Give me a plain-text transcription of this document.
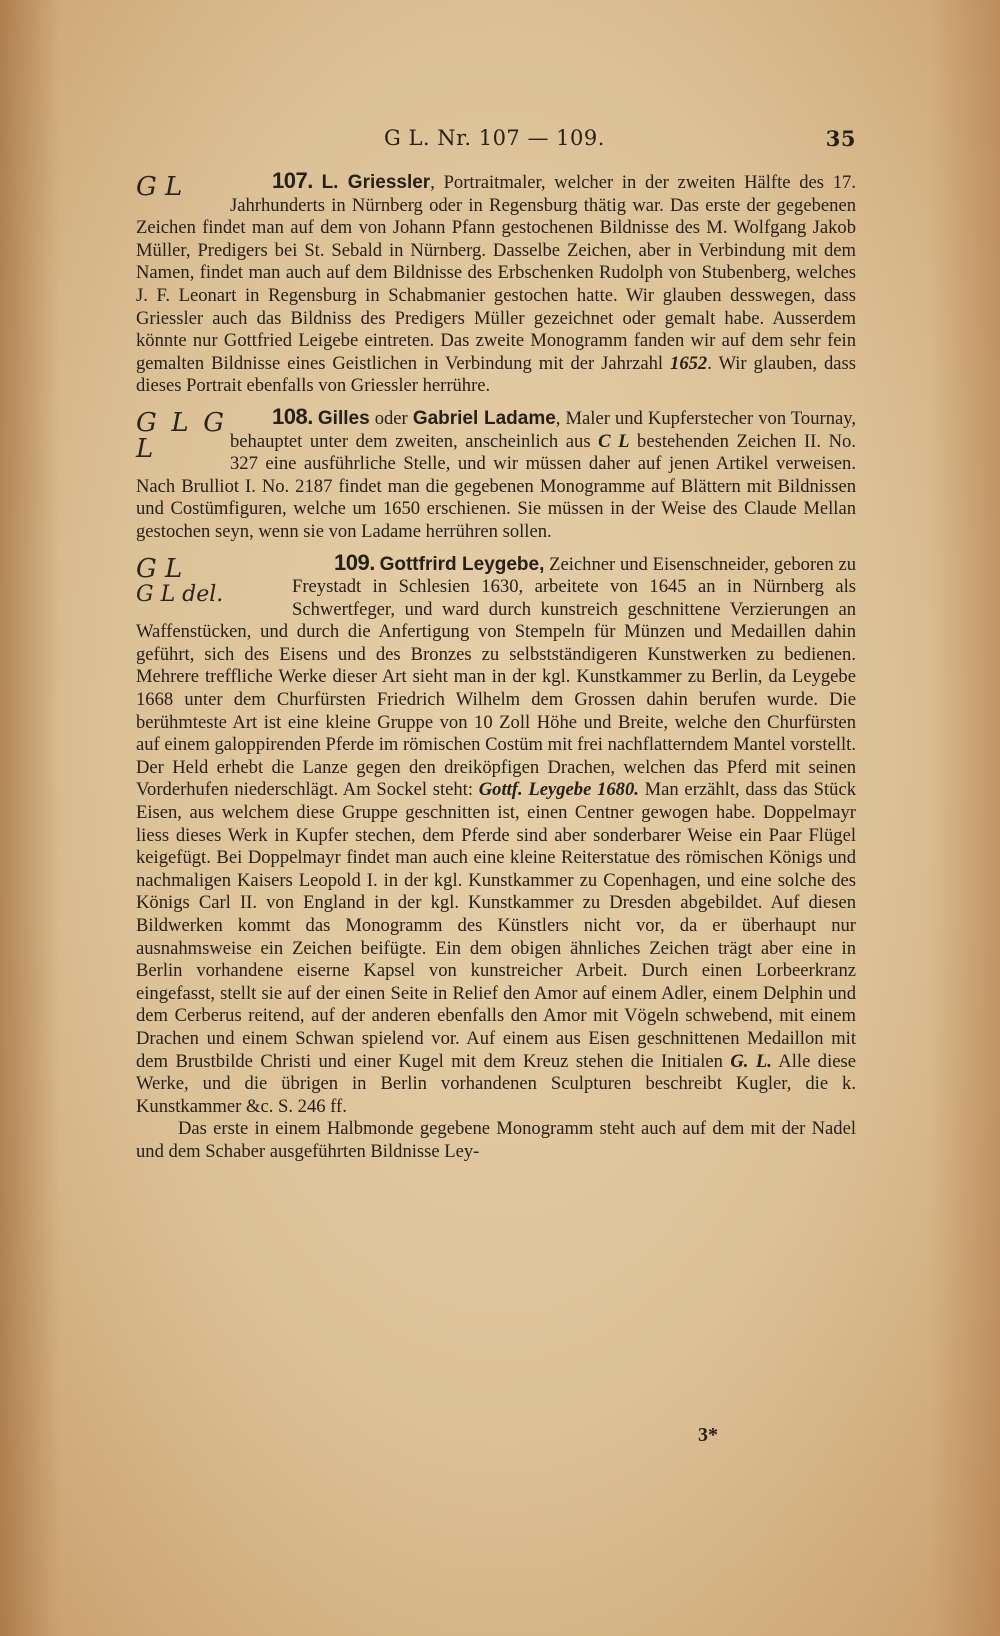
G L. Nr. 107 — 109.	35

107. L. Griessler
G L	, Portraitmaler, welcher in der zweiten Hälfte des 17. Jahrhunderts in Nürnberg oder in Regensburg thätig war. Das erste der gegebenen Zeichen findet man auf dem von Johann Pfann gestochenen Bildnisse des M. Wolfgang Jakob Müller, Predigers bei St. Sebald in Nürnberg. Dasselbe Zeichen, aber in Verbindung mit dem Namen, findet man auch auf dem Bildnisse des Erbschenken Rudolph von Stubenberg, welches J. F. Leonart in Regensburg in Schabmanier gestochen hatte. Wir glauben desswegen, dass Griessler auch das Bildniss des Predigers Müller gezeichnet oder gemalt habe. Ausserdem könnte nur Gottfried Leigebe eintreten. Das zweite Monogramm fanden wir auf dem sehr fein gemalten Bildnisse eines Geistlichen in Verbindung mit der Jahrzahl 1652. Wir glauben, dass dieses Portrait ebenfalls von Griessler herrühre.

108. Gilles oder Gabriel Ladame
G L G L
, Maler und Kupferstecher von Tournay, behauptet unter dem zweiten, anscheinlich aus C L bestehenden Zeichen II. No. 327 eine ausführliche Stelle, und wir müssen daher auf jenen Artikel verweisen. Nach Brulliot I. No. 2187 findet man die gegebenen Monogramme auf Blättern mit Bildnissen und Costümfiguren, welche um 1650 erschienen. Sie müssen in der Weise des Claude Mellan gestochen seyn, wenn sie von Ladame herrühren sollen.

109. Gottfrird Leygebe,
G L
G L del.
Zeichner und Eisenschneider, geboren zu Freystadt in Schlesien 1630, arbeitete von 1645 an in Nürnberg als Schwertfeger, und ward durch kunstreich geschnittene Verzierungen an Waffenstücken, und durch die Anfertigung von Stempeln für Münzen und Medaillen dahin geführt, sich des Eisens und des Bronzes zu selbstständigeren Kunstwerken zu bedienen. Mehrere treffliche Werke dieser Art sieht man in der kgl. Kunstkammer zu Berlin, da Leygebe 1668 unter dem Churfürsten Friedrich Wilhelm dem Grossen dahin berufen wurde. Die berühmteste Art ist eine kleine Gruppe von 10 Zoll Höhe und Breite, welche den Churfürsten auf einem galoppirenden Pferde im römischen Costüm mit frei nachflatterndem Mantel vorstellt. Der Held erhebt die Lanze gegen den dreiköpfigen Drachen, welchen das Pferd mit seinen Vorderhufen niederschlägt. Am Sockel steht: Gottf. Leygebe 1680. Man erzählt, dass das Stück Eisen, aus welchem diese Gruppe geschnitten ist, einen Centner gewogen habe. Doppelmayr liess dieses Werk in Kupfer stechen, dem Pferde sind aber sonderbarer Weise ein Paar Flügel keigefügt. Bei Doppelmayr findet man auch eine kleine Reiterstatue des römischen Königs und nachmaligen Kaisers Leopold I. in der kgl. Kunstkammer zu Copenhagen, und eine solche des Königs Carl II. von England in der kgl. Kunstkammer zu Dresden abgebildet. Auf diesen Bildwerken kommt das Monogramm des Künstlers nicht vor, da er überhaupt nur ausnahmsweise ein Zeichen beifügte. Ein dem obigen ähnliches Zeichen trägt aber eine in Berlin vorhandene eiserne Kapsel von kunstreicher Arbeit. Durch einen Lorbeerkranz eingefasst, stellt sie auf der einen Seite in Relief den Amor auf einem Adler, einem Delphin und dem Cerberus reitend, auf der anderen ebenfalls den Amor mit Vögeln schwebend, mit einem Drachen und einem Schwan spielend vor. Auf einem aus Eisen geschnittenen Medaillon mit dem Brustbilde Christi und einer Kugel mit dem Kreuz stehen die Initialen G. L. Alle diese Werke, und die übrigen in Berlin vorhandenen Sculpturen beschreibt Kugler, die k. Kunstkammer &c. S. 246 ff.

Das erste in einem Halbmonde gegebene Monogramm steht auch auf dem mit der Nadel und dem Schaber ausgeführten Bildnisse Ley-

3*
